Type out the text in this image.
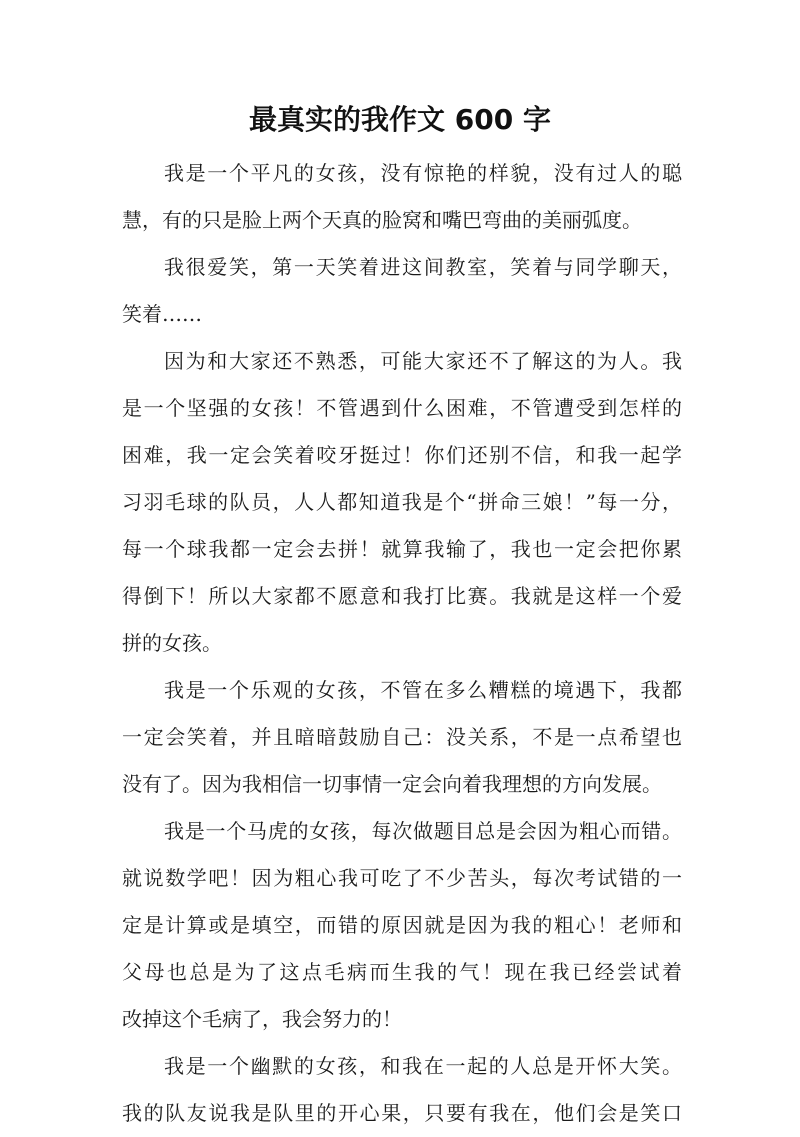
最真实的我作文 600 字
我是一个平凡的女孩，没有惊艳的样貌，没有过人的聪
慧，有的只是脸上两个天真的脸窝和嘴巴弯曲的美丽弧度。
我很爱笑，第一天笑着进这间教室，笑着与同学聊天，
笑着……
因为和大家还不熟悉，可能大家还不了解这的为人。我
是一个坚强的女孩！不管遇到什么困难，不管遭受到怎样的
困难，我一定会笑着咬牙挺过！你们还别不信，和我一起学
习羽毛球的队员，人人都知道我是个“拼命三娘！”每一分，
每一个球我都一定会去拼！就算我输了，我也一定会把你累
得倒下！所以大家都不愿意和我打比赛。我就是这样一个爱
拼的女孩。
我是一个乐观的女孩，不管在多么糟糕的境遇下，我都
一定会笑着，并且暗暗鼓励自己：没关系，不是一点希望也
没有了。因为我相信一切事情一定会向着我理想的方向发展。
我是一个马虎的女孩，每次做题目总是会因为粗心而错。
就说数学吧！因为粗心我可吃了不少苦头，每次考试错的一
定是计算或是填空，而错的原因就是因为我的粗心！老师和
父母也总是为了这点毛病而生我的气！现在我已经尝试着
改掉这个毛病了，我会努力的！
我是一个幽默的女孩，和我在一起的人总是开怀大笑。
我的队友说我是队里的开心果，只要有我在，他们会是笑口
